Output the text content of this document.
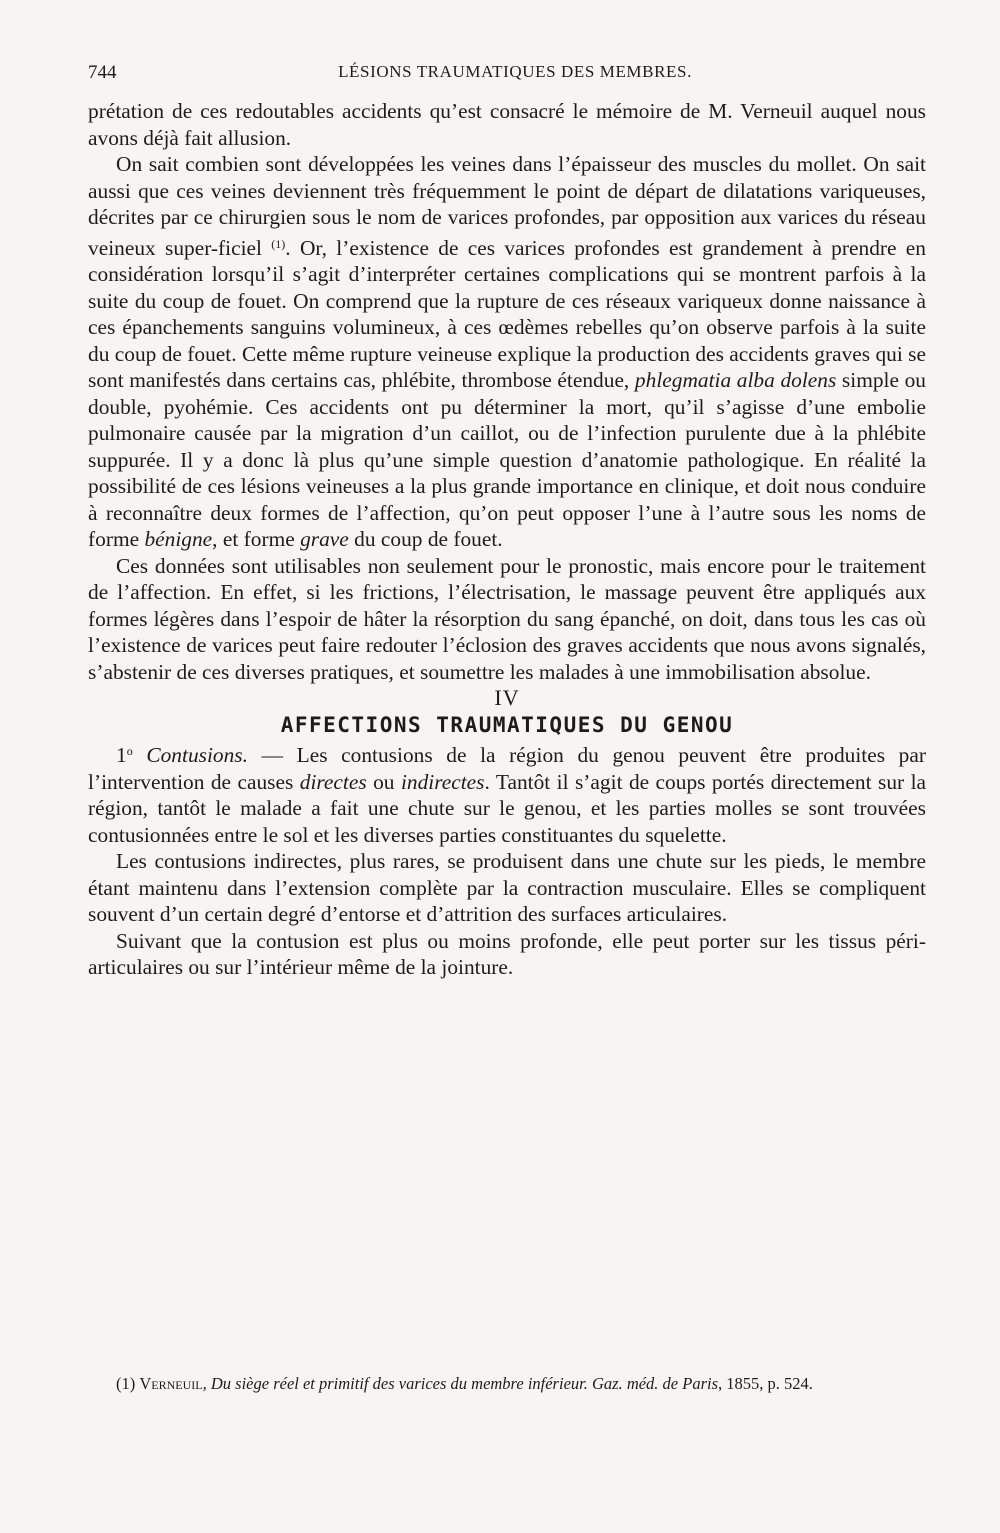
744	LÉSIONS TRAUMATIQUES DES MEMBRES.

prétation de ces redoutables accidents qu’est consacré le mémoire de M. Verneuil auquel nous avons déjà fait allusion.

On sait combien sont développées les veines dans l’épaisseur des muscles du mollet. On sait aussi que ces veines deviennent très fréquemment le point de départ de dilatations variqueuses, décrites par ce chirurgien sous le nom de varices profondes, par opposition aux varices du réseau veineux super-ficiel $^{(1)}$. Or, l’existence de ces varices profondes est grandement à prendre en considération lorsqu’il s’agit d’interpréter certaines complications qui se montrent parfois à la suite du coup de fouet. On comprend que la rupture de ces réseaux variqueux donne naissance à ces épanchements sanguins volumineux, à ces œdèmes rebelles qu’on observe parfois à la suite du coup de fouet. Cette même rupture veineuse explique la production des accidents graves qui se sont manifestés dans certains cas, phlébite, thrombose étendue, phlegmatia alba dolens simple ou double, pyohémie. Ces accidents ont pu déterminer la mort, qu’il s’agisse d’une embolie pulmonaire causée par la migration d’un caillot, ou de l’infection purulente due à la phlébite suppurée. Il y a donc là plus qu’une simple question d’anatomie pathologique. En réalité la possibilité de ces lésions veineuses a la plus grande importance en clinique, et doit nous conduire à reconnaître deux formes de l’affection, qu’on peut opposer l’une à l’autre sous les noms de forme bénigne, et forme grave du coup de fouet.

Ces données sont utilisables non seulement pour le pronostic, mais encore pour le traitement de l’affection. En effet, si les frictions, l’électrisation, le massage peuvent être appliqués aux formes légères dans l’espoir de hâter la résorption du sang épanché, on doit, dans tous les cas où l’existence de varices peut faire redouter l’éclosion des graves accidents que nous avons signalés, s’abstenir de ces diverses pratiques, et soumettre les malades à une immobilisation absolue.

IV

AFFECTIONS TRAUMATIQUES DU GENOU

1$^o$ Contusions. — Les contusions de la région du genou peuvent être produites par l’intervention de causes directes ou indirectes. Tantôt il s’agit de coups portés directement sur la région, tantôt le malade a fait une chute sur le genou, et les parties molles se sont trouvées contusionnées entre le sol et les diverses parties constituantes du squelette.

Les contusions indirectes, plus rares, se produisent dans une chute sur les pieds, le membre étant maintenu dans l’extension complète par la contraction musculaire. Elles se compliquent souvent d’un certain degré d’entorse et d’attrition des surfaces articulaires.

Suivant que la contusion est plus ou moins profonde, elle peut porter sur les tissus péri-articulaires ou sur l’intérieur même de la jointure.

(1) Verneuil, Du siège réel et primitif des varices du membre inférieur. Gaz. méd. de Paris, 1855, p. 524.
